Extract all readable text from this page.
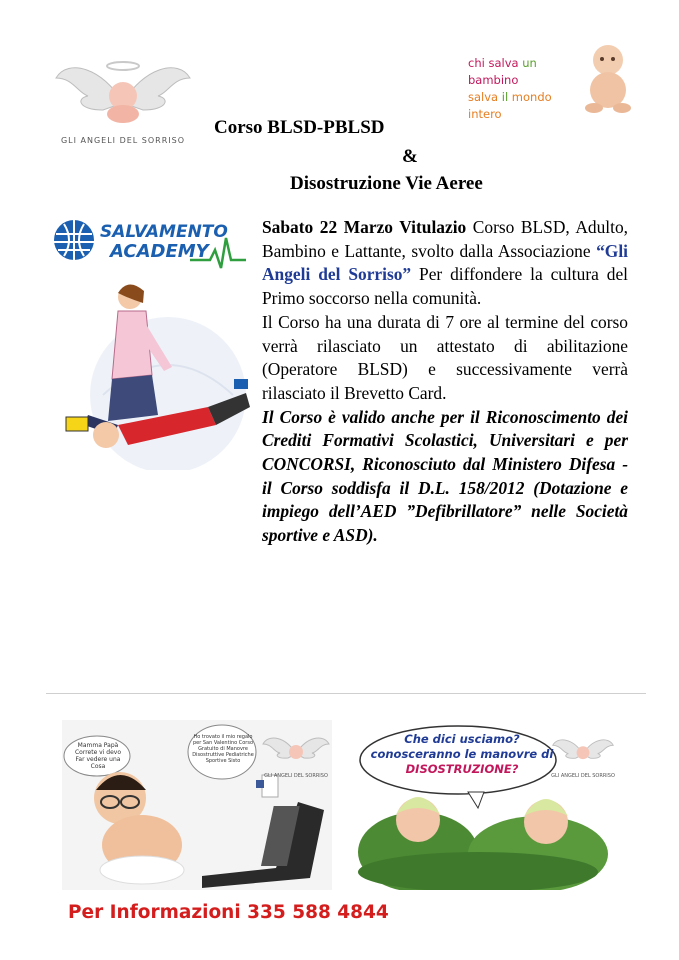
GLI ANGELI DEL SORRISO
chi salva un bambino
salva il mondo intero
Corso BLSD-PBLSD
&
Disostruzione Vie Aeree
SALVAMENTO
ACADEMY

Sabato 22 Marzo Vitulazio Corso BLSD, Adulto, Bambino e Lattante, svolto dalla Associazione “Gli Angeli del Sorriso” Per diffondere la cultura del Primo soccorso nella comunità.

Il Corso ha una durata di 7 ore al termine del corso verrà rilasciato un attestato di abilitazione (Operatore BLSD) e successivamente verrà rilasciato il Brevetto Card.

Il Corso è valido anche per il Riconoscimento dei Crediti Formativi Scolastici, Universitari e per CONCORSI, Riconosciuto dal Ministero Difesa - il Corso soddisfa il D.L. 158/2012 (Dotazione e impiego dell’AED ”Defibrillatore” nelle Società sportive e ASD).

Mamma Papà Correte vi devo Far vedere una Cosa
Ho trovato il mio regalo per San Valentino Corso Gratuito di Manovre Disostruttive Pediatriche Sportive Sisto
GLI ANGELI DEL SORRISO
Che dici usciamo?
conosceranno le manovre di
DISOSTRUZIONE?	GLI ANGELI DEL SORRISO
Per Informazioni 335 588 4844
